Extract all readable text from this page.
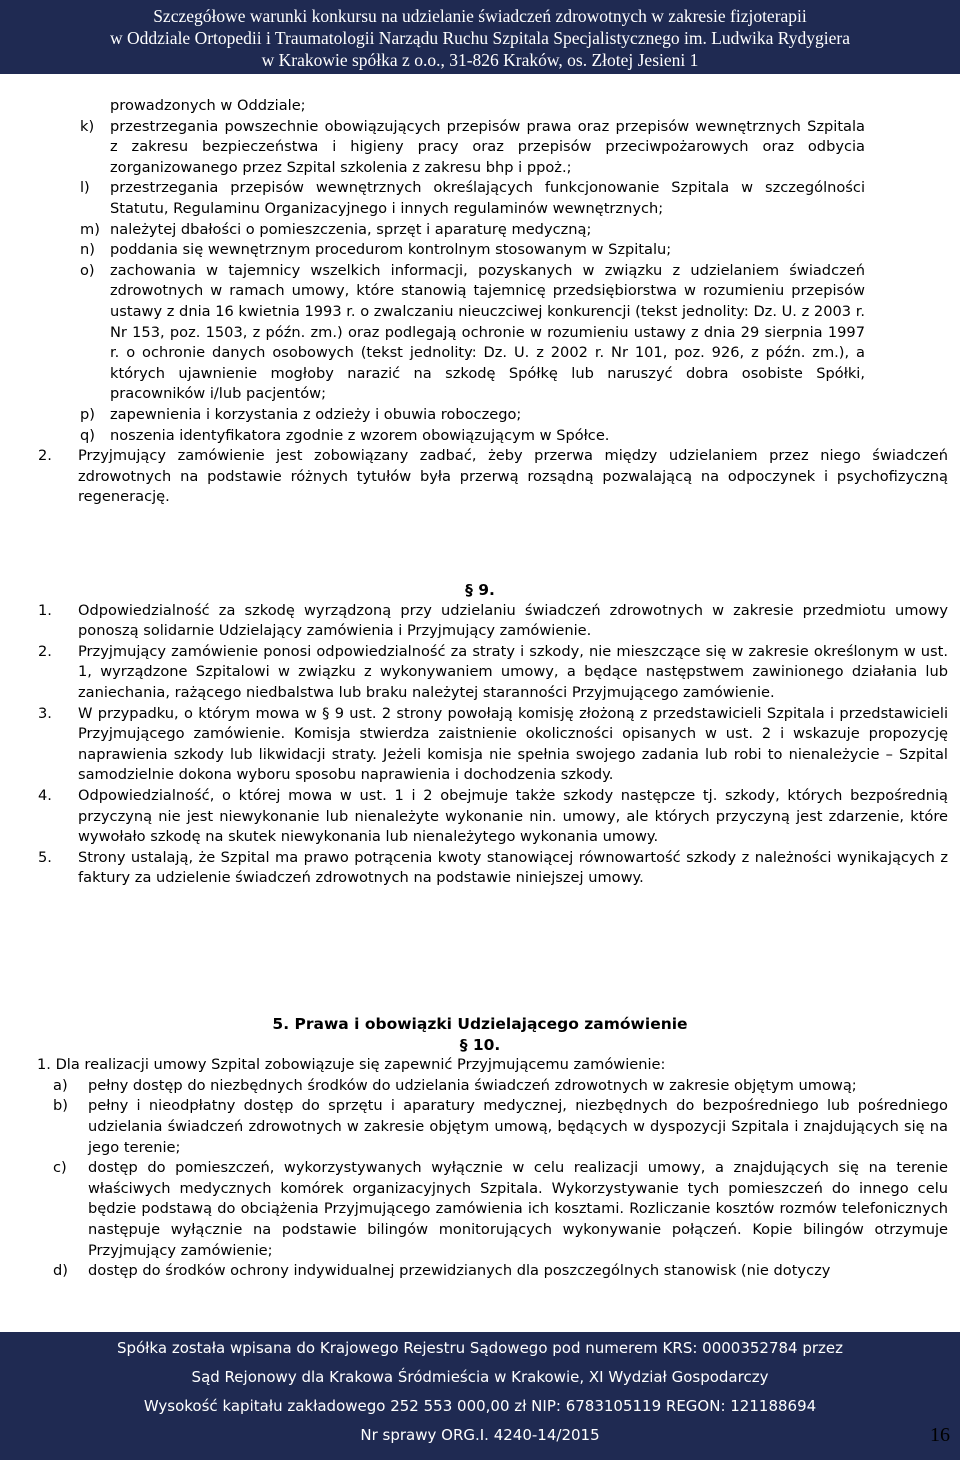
Szczegółowe warunki konkursu na udzielanie świadczeń zdrowotnych w zakresie fizjoterapii
w Oddziale Ortopedii i Traumatologii Narządu Ruchu Szpitala Specjalistycznego im. Ludwika Rydygiera
w Krakowie spółka z o.o., 31-826 Kraków, os. Złotej Jesieni 1
prowadzonych w Oddziale;
k) przestrzegania powszechnie obowiązujących przepisów prawa oraz przepisów wewnętrznych Szpitala z zakresu bezpieczeństwa i higieny pracy oraz przepisów przeciwpożarowych oraz odbycia zorganizowanego przez Szpital szkolenia z zakresu bhp i ppoż.;
l) przestrzegania przepisów wewnętrznych określających funkcjonowanie Szpitala w szczególności Statutu, Regulaminu Organizacyjnego i innych regulaminów wewnętrznych;
m) należytej dbałości o pomieszczenia, sprzęt i aparaturę medyczną;
n) poddania się wewnętrznym procedurom kontrolnym stosowanym w Szpitalu;
o) zachowania w tajemnicy wszelkich informacji, pozyskanych w związku z udzielaniem świadczeń zdrowotnych w ramach umowy, które stanowią tajemnicę przedsiębiorstwa w rozumieniu przepisów ustawy z dnia 16 kwietnia 1993 r. o zwalczaniu nieuczciwej konkurencji (tekst jednolity: Dz. U. z 2003 r. Nr 153, poz. 1503, z późn. zm.) oraz podlegają ochronie w rozumieniu ustawy z dnia 29 sierpnia 1997 r. o ochronie danych osobowych (tekst jednolity: Dz. U. z 2002 r. Nr 101, poz. 926, z późn. zm.), a których ujawnienie mogłoby narazić na szkodę Spółkę lub naruszyć dobra osobiste Spółki, pracowników i/lub pacjentów;
p) zapewnienia i korzystania z odzieży i obuwia roboczego;
q) noszenia identyfikatora zgodnie z wzorem obowiązującym w Spółce.
2. Przyjmujący zamówienie jest zobowiązany zadbać, żeby przerwa między udzielaniem przez niego świadczeń zdrowotnych na podstawie różnych tytułów była przerwą rozsądną pozwalającą na odpoczynek i psychofizyczną regenerację.
§ 9.
1. Odpowiedzialność za szkodę wyrządzoną przy udzielaniu świadczeń zdrowotnych w zakresie przedmiotu umowy ponoszą solidarnie Udzielający zamówienia i Przyjmujący zamówienie.
2. Przyjmujący zamówienie ponosi odpowiedzialność za straty i szkody, nie mieszczące się w zakresie określonym w ust. 1, wyrządzone Szpitalowi w związku z wykonywaniem umowy, a będące następstwem zawinionego działania lub zaniechania, rażącego niedbalstwa lub braku należytej staranności Przyjmującego zamówienie.
3. W przypadku, o którym mowa w § 9 ust. 2 strony powołają komisję złożoną z przedstawicieli Szpitala i przedstawicieli Przyjmującego zamówienie. Komisja stwierdza zaistnienie okoliczności opisanych w ust. 2 i wskazuje propozycję naprawienia szkody lub likwidacji straty. Jeżeli komisja nie spełnia swojego zadania lub robi to nienależycie – Szpital samodzielnie dokona wyboru sposobu naprawienia i dochodzenia szkody.
4. Odpowiedzialność, o której mowa w ust. 1 i 2 obejmuje także szkody następcze tj. szkody, których bezpośrednią przyczyną nie jest niewykonanie lub nienależyte wykonanie nin. umowy, ale których przyczyną jest zdarzenie, które wywołało szkodę na skutek niewykonania lub nienależytego wykonania umowy.
5. Strony ustalają, że Szpital ma prawo potrącenia kwoty stanowiącej równowartość szkody z należności wynikających z faktury za udzielenie świadczeń zdrowotnych na podstawie niniejszej umowy.
5. Prawa i obowiązki Udzielającego zamówienie
§ 10.
1. Dla realizacji umowy Szpital zobowiązuje się zapewnić Przyjmującemu zamówienie:
a) pełny dostęp do niezbędnych środków do udzielania świadczeń zdrowotnych w zakresie objętym umową;
b) pełny i nieodpłatny dostęp do sprzętu i aparatury medycznej, niezbędnych do bezpośredniego lub pośredniego udzielania świadczeń zdrowotnych w zakresie objętym umową, będących w dyspozycji Szpitala i znajdujących się na jego terenie;
c) dostęp do pomieszczeń, wykorzystywanych wyłącznie w celu realizacji umowy, a znajdujących się na terenie właściwych medycznych komórek organizacyjnych Szpitala. Wykorzystywanie tych pomieszczeń do innego celu będzie podstawą do obciążenia Przyjmującego zamówienia ich kosztami. Rozliczanie kosztów rozmów telefonicznych następuje wyłącznie na podstawie bilingów monitorujących wykonywanie połączeń. Kopie bilingów otrzymuje Przyjmujący zamówienie;
d) dostęp do środków ochrony indywidualnej przewidzianych dla poszczególnych stanowisk (nie dotyczy
Spółka została wpisana do Krajowego Rejestru Sądowego pod numerem KRS: 0000352784 przez
Sąd Rejonowy dla Krakowa Śródmieścia w Krakowie, XI Wydział Gospodarczy
Wysokość kapitału zakładowego 252 553 000,00 zł NIP: 6783105119 REGON: 121188694
Nr sprawy ORG.I. 4240-14/2015	16
